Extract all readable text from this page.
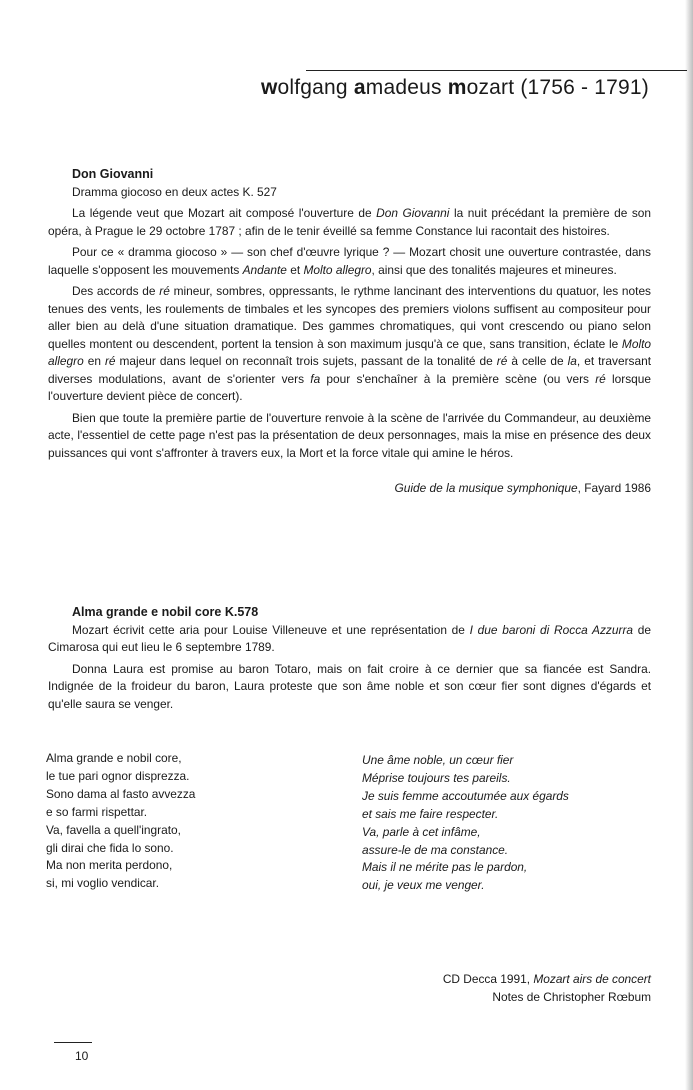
wolfgang amadeus mozart (1756 - 1791)

Don Giovanni

Dramma giocoso en deux actes K. 527

La légende veut que Mozart ait composé l'ouverture de Don Giovanni la nuit précédant la première de son opéra, à Prague le 29 octobre 1787 ; afin de le tenir éveillé sa femme Constance lui racontait des histoires.

Pour ce « dramma giocoso » — son chef d'œuvre lyrique ? — Mozart chosit une ouverture contrastée, dans laquelle s'opposent les mouvements Andante et Molto allegro, ainsi que des tonalités majeures et mineures.

Des accords de ré mineur, sombres, oppressants, le rythme lancinant des interventions du quatuor, les notes tenues des vents, les roulements de timbales et les syncopes des premiers violons suffisent au compositeur pour aller bien au delà d'une situation dramatique. Des gammes chromatiques, qui vont crescendo ou piano selon quelles montent ou descendent, portent la tension à son maximum jusqu'à ce que, sans transition, éclate le Molto allegro en ré majeur dans lequel on reconnaît trois sujets, passant de la tonalité de ré à celle de la, et traversant diverses modulations, avant de s'orienter vers fa pour s'enchaîner à la première scène (ou vers ré lorsque l'ouverture devient pièce de concert).

Bien que toute la première partie de l'ouverture renvoie à la scène de l'arrivée du Commandeur, au deuxième acte, l'essentiel de cette page n'est pas la présentation de deux personnages, mais la mise en présence des deux puissances qui vont s'affronter à travers eux, la Mort et la force vitale qui amine le héros.

Guide de la musique symphonique, Fayard 1986

Alma grande e nobil core K.578

Mozart écrivit cette aria pour Louise Villeneuve et une représentation de I due baroni di Rocca Azzurra de Cimarosa qui eut lieu le 6 septembre 1789.

Donna Laura est promise au baron Totaro, mais on fait croire à ce dernier que sa fiancée est Sandra. Indignée de la froideur du baron, Laura proteste que son âme noble et son cœur fier sont dignes d'égards et qu'elle saura se venger.

Alma grande e nobil core,
le tue pari ognor disprezza.
Sono dama al fasto avvezza
e so farmi rispettar.
Va, favella a quell'ingrato,
gli dirai che fida lo sono.
Ma non merita perdono,
si, mi voglio vendicar.
Une âme noble, un cœur fier
Méprise toujours tes pareils.
Je suis femme accoutumée aux égards
et sais me faire respecter.
Va, parle à cet infâme,
assure-le de ma constance.
Mais il ne mérite pas le pardon,
oui, je veux me venger.
CD Decca 1991, Mozart airs de concert
Notes de Christopher Rœbum
10
